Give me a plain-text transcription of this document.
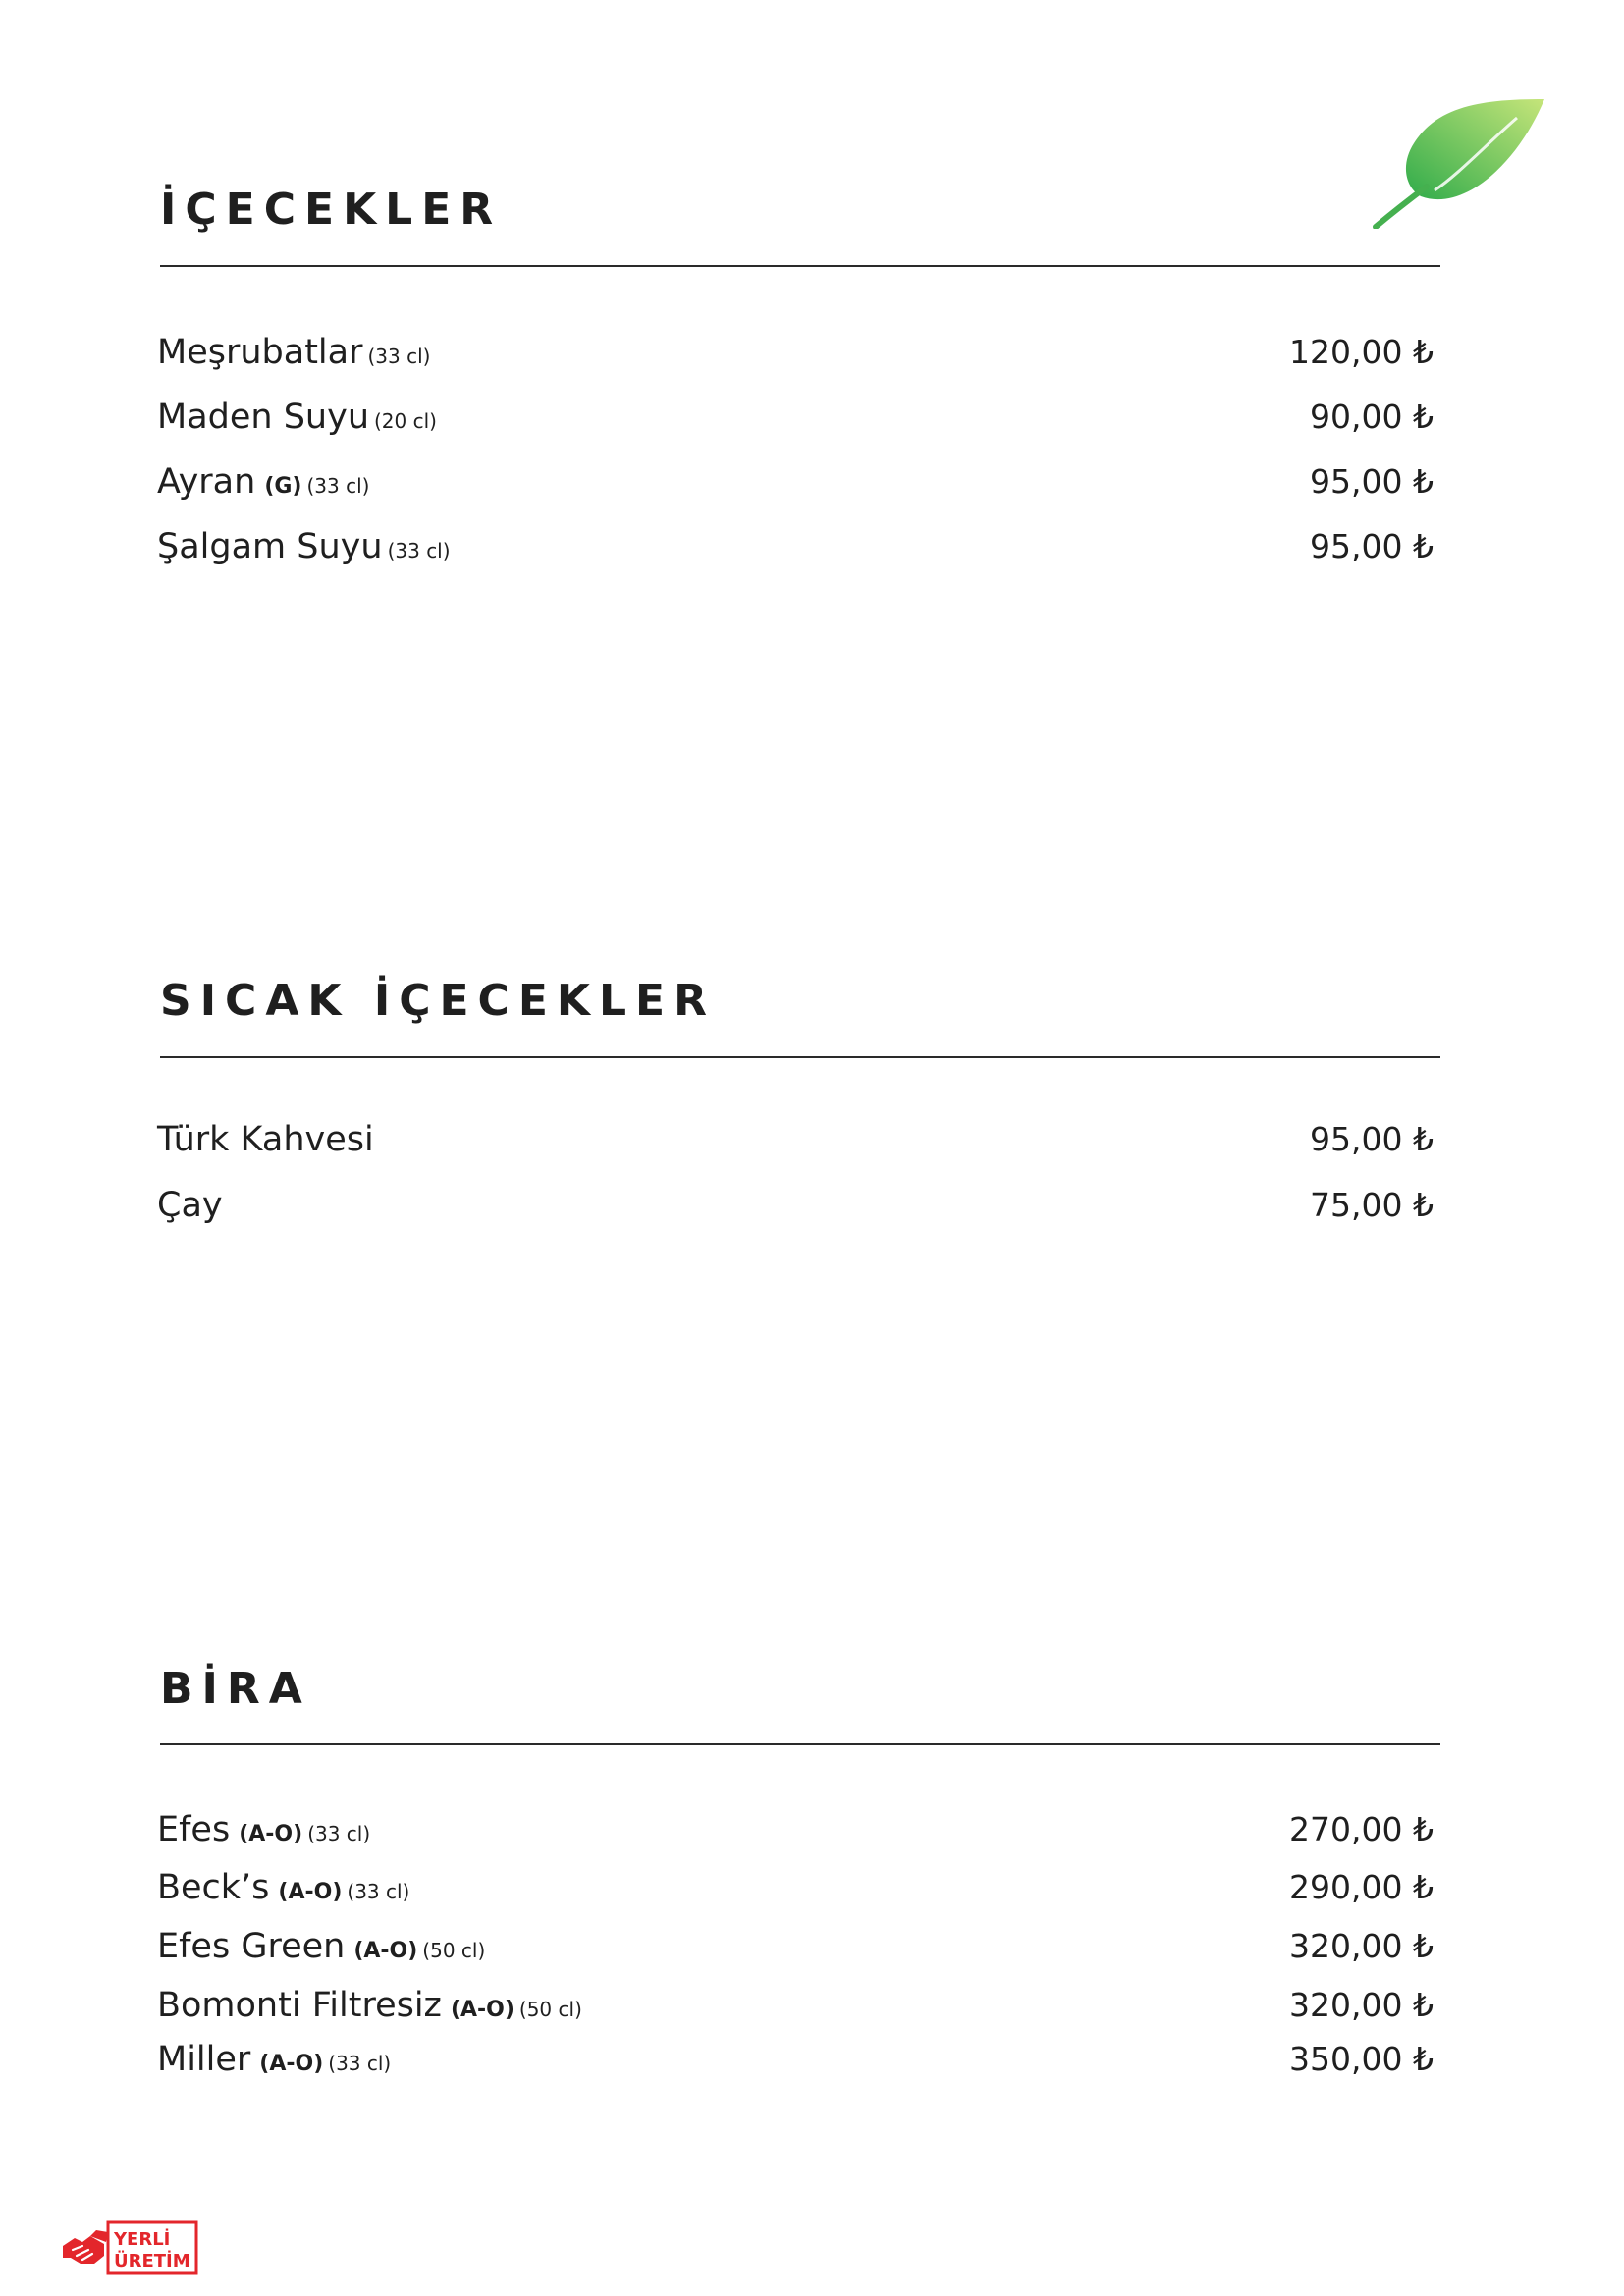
İÇECEKLER
Meşrubatlar (33 cl)	120,00 ₺
Maden Suyu (20 cl)	90,00 ₺
Ayran (G) (33 cl)	95,00 ₺
Şalgam Suyu (33 cl)	95,00 ₺
SICAK İÇECEKLER
Türk Kahvesi	95,00 ₺
Çay	75,00 ₺
BİRA
Efes (A-O) (33 cl)	270,00 ₺
Beck’s (A-O) (33 cl)	290,00 ₺
Efes Green (A-O) (50 cl)	320,00 ₺
Bomonti Filtresiz (A-O) (50 cl)	320,00 ₺
Miller (A-O) (33 cl)	350,00 ₺
YERLİ
ÜRETİM
